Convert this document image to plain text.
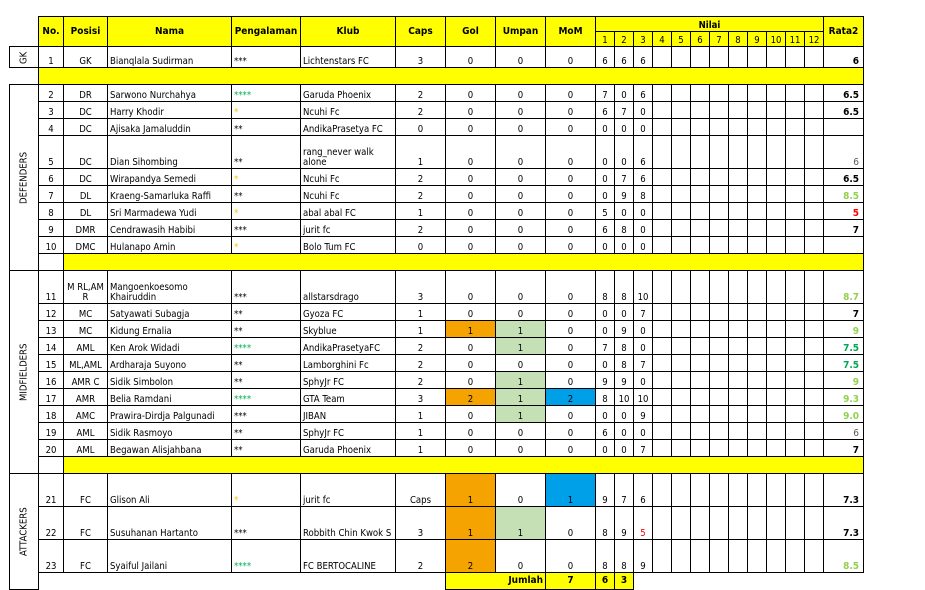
	No.	Posisi	Nama	Pengalaman	Klub	Caps	Gol	Umpan	MoM	Nilai												Rata2
										1	2	3	4	5	6	7	8	9	10	11	12	
GK	1	GK	Bianqlala Sudirman	***	Lichtenstars FC	3	0	0	0	6	6	6										6

DEFENDERS	2	DR	Sarwono Nurchahya	****	Garuda Phoenix	2	0	0	0	7	0	6										6.5
	3	DC	Harry Khodir	*	Ncuhi Fc	2	0	0	0	6	7	0										6.5
	4	DC	Ajisaka Jamaluddin	**	AndikaPrasetya FC	0	0	0	0	0	0	0										0
	5	DC	Dian Sihombing	**	rang_never walk
alone	1	0	0	0	0	0	6										6
	6	DC	Wirapandya Semedi	*	Ncuhi Fc	2	0	0	0	0	7	6										6.5
	7	DL	Kraeng-Samarluka Raffi	**	Ncuhi Fc	2	0	0	0	0	9	8										8.5
	8	DL	Sri Marmadewa Yudi	*	abal abal FC	1	0	0	0	5	0	0										5
	9	DMR	Cendrawasih Habibi	***	jurit fc	2	0	0	0	6	8	0										7
	10	DMC	Hulanapo Amin	*	Bolo Tum FC	0	0	0	0	0	0	0										0

MIDFIELDERS	11	M RL,AM
R	Mangoenkoesomo
Khairuddin	***	allstarsdrago	3	0	0	0	8	8	10										8.7
	12	MC	Satyawati Subagja	**	Gyoza FC	1	0	0	0	0	0	7										7
	13	MC	Kidung Ernalia	**	Skyblue	1	1	1	0	0	9	0										9
	14	AML	Ken Arok Widadi	****	AndikaPrasetyaFC	2	0	1	0	7	8	0										7.5
	15	ML,AML	Ardharaja Suyono	**	Lamborghini Fc	2	0	0	0	0	8	7										7.5
	16	AMR C	Sidik Simbolon	**	SphyJr FC	2	0	1	0	9	9	0										9
	17	AMR	Belia Ramdani	****	GTA Team	3	2	1	2	8	10	10										9.3
	18	AMC	Prawira-Dirdja Palgunadi	***	JIBAN	1	0	1	0	0	0	9										9.0
	19	AML	Sidik Rasmoyo	**	SphyJr FC	1	0	0	0	6	0	0										6
	20	AML	Begawan Alisjahbana	**	Garuda Phoenix	1	0	0	0	0	0	7										7

ATTACKERS	21	FC	Glison Ali	*	jurit fc	Caps	1	0	1	9	7	6										7.3
	22	FC	Susuhanan Hartanto	***	Robbith Chin Kwok S	3	1	1	0	8	9	5										7.3
	23	FC	Syaiful Jailani	****	FC BERTOCALINE	2	2	0	0	8	8	9										8.5

							Jumlah		7	6	3											
